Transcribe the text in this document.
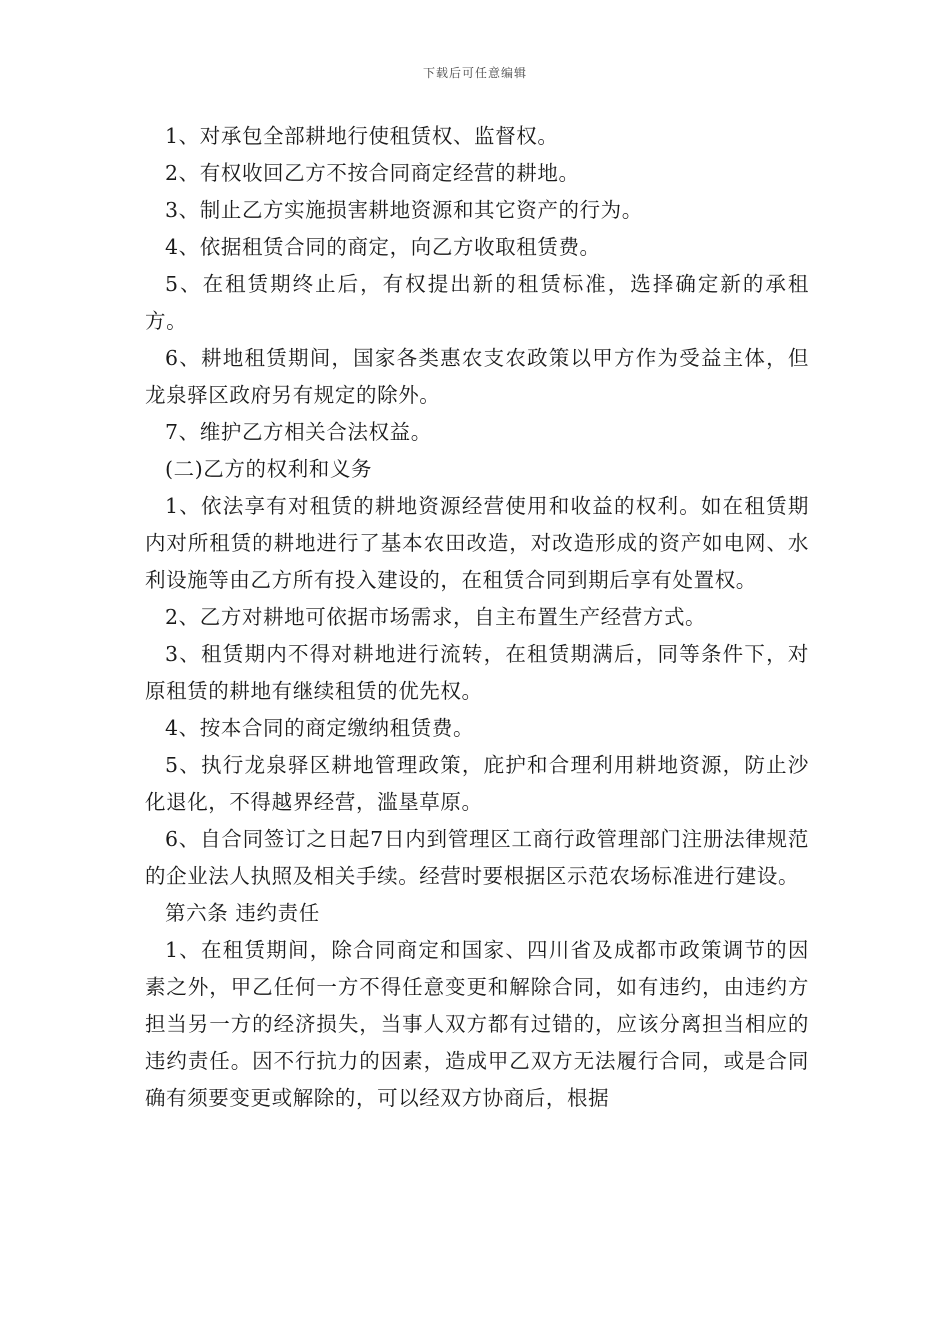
下载后可任意编辑

1、对承包全部耕地行使租赁权、监督权。

2、有权收回乙方不按合同商定经营的耕地。

3、制止乙方实施损害耕地资源和其它资产的行为。

4、依据租赁合同的商定，向乙方收取租赁费。

5、在租赁期终止后，有权提出新的租赁标准，选择确定新的承租方。

6、耕地租赁期间，国家各类惠农支农政策以甲方作为受益主体，但龙泉驿区政府另有规定的除外。

7、维护乙方相关合法权益。

(二)乙方的权利和义务

1、依法享有对租赁的耕地资源经营使用和收益的权利。如在租赁期内对所租赁的耕地进行了基本农田改造，对改造形成的资产如电网、水利设施等由乙方所有投入建设的，在租赁合同到期后享有处置权。

2、乙方对耕地可依据市场需求，自主布置生产经营方式。

3、租赁期内不得对耕地进行流转，在租赁期满后，同等条件下，对原租赁的耕地有继续租赁的优先权。

4、按本合同的商定缴纳租赁费。

5、执行龙泉驿区耕地管理政策，庇护和合理利用耕地资源，防止沙化退化，不得越界经营，滥垦草原。

6、自合同签订之日起7日内到管理区工商行政管理部门注册法律规范的企业法人执照及相关手续。经营时要根据区示范农场标准进行建设。

第六条 违约责任

1、在租赁期间，除合同商定和国家、四川省及成都市政策调节的因素之外，甲乙任何一方不得任意变更和解除合同，如有违约，由违约方担当另一方的经济损失，当事人双方都有过错的，应该分离担当相应的违约责任。因不行抗力的因素，造成甲乙双方无法履行合同，或是合同确有须要变更或解除的，可以经双方协商后，根据
